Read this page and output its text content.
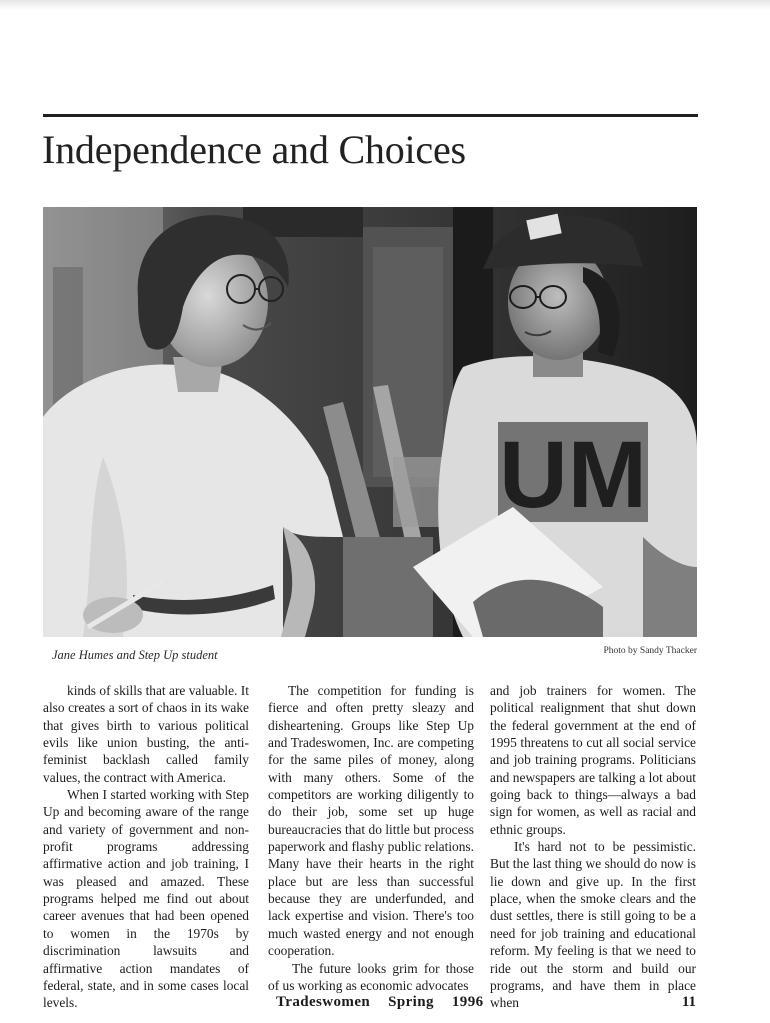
Independence and Choices
UM
Jane Humes and Step Up student	Photo by Sandy Thacker

kinds of skills that are valuable. It also creates a sort of chaos in its wake that gives birth to various political evils like union busting, the anti-feminist backlash called family values, the contract with America.

When I started working with Step Up and becoming aware of the range and variety of government and non-profit programs addressing affirmative action and job training, I was pleased and amazed. These programs helped me find out about career avenues that had been opened to women in the 1970s by discrimination lawsuits and affirmative action mandates of federal, state, and in some cases local levels.

The competition for funding is fierce and often pretty sleazy and disheartening. Groups like Step Up and Tradeswomen, Inc. are competing for the same piles of money, along with many others. Some of the competitors are working diligently to do their job, some set up huge bureaucracies that do little but process paperwork and flashy public relations. Many have their hearts in the right place but are less than successful because they are underfunded, and lack expertise and vision. There's too much wasted energy and not enough cooperation.

The future looks grim for those of us working as economic advocates

and job trainers for women. The political realignment that shut down the federal government at the end of 1995 threatens to cut all social service and job training programs. Politicians and newspapers are talking a lot about going back to things—always a bad sign for women, as well as racial and ethnic groups.

It's hard not to be pessimistic. But the last thing we should do now is lie down and give up. In the first place, when the smoke clears and the dust settles, there is still going to be a need for job training and educational reform. My feeling is that we need to ride out the storm and build our programs, and have them in place when

Tradeswomen Spring 1996	11
